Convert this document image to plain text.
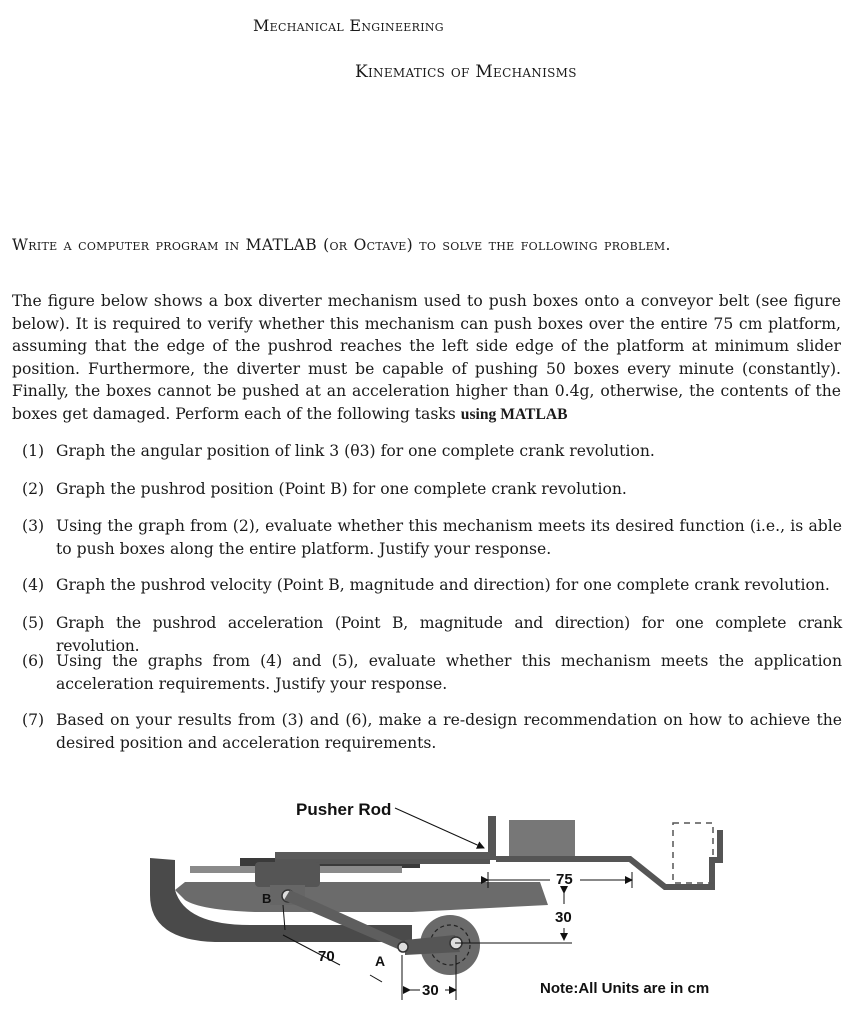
Mechanical Engineering
Kinematics of Mechanisms
Write a computer program in MATLAB (or Octave) to solve the following problem.
The figure below shows a box diverter mechanism used to push boxes onto a conveyor belt (see figure below). It is required to verify whether this mechanism can push boxes over the entire 75 cm platform, assuming that the edge of the pushrod reaches the left side edge of the platform at minimum slider position. Furthermore, the diverter must be capable of pushing 50 boxes every minute (constantly). Finally, the boxes cannot be pushed at an acceleration higher than 0.4g, otherwise, the contents of the boxes get damaged. Perform each of the following tasks using MATLAB
(1) Graph the angular position of link 3 (θ3) for one complete crank revolution.
(2) Graph the pushrod position (Point B) for one complete crank revolution.
(3) Using the graph from (2), evaluate whether this mechanism meets its desired function (i.e., is able to push boxes along the entire platform. Justify your response.
(4) Graph the pushrod velocity (Point B, magnitude and direction) for one complete crank revolution.
(5) Graph the pushrod acceleration (Point B, magnitude and direction) for one complete crank revolution.
(6) Using the graphs from (4) and (5), evaluate whether this mechanism meets the application acceleration requirements. Justify your response.
(7) Based on your results from (3) and (6), make a re-design recommendation on how to achieve the desired position and acceleration requirements.
Pusher Rod
75
30
70
30
A
B
Note:All Units are in cm
